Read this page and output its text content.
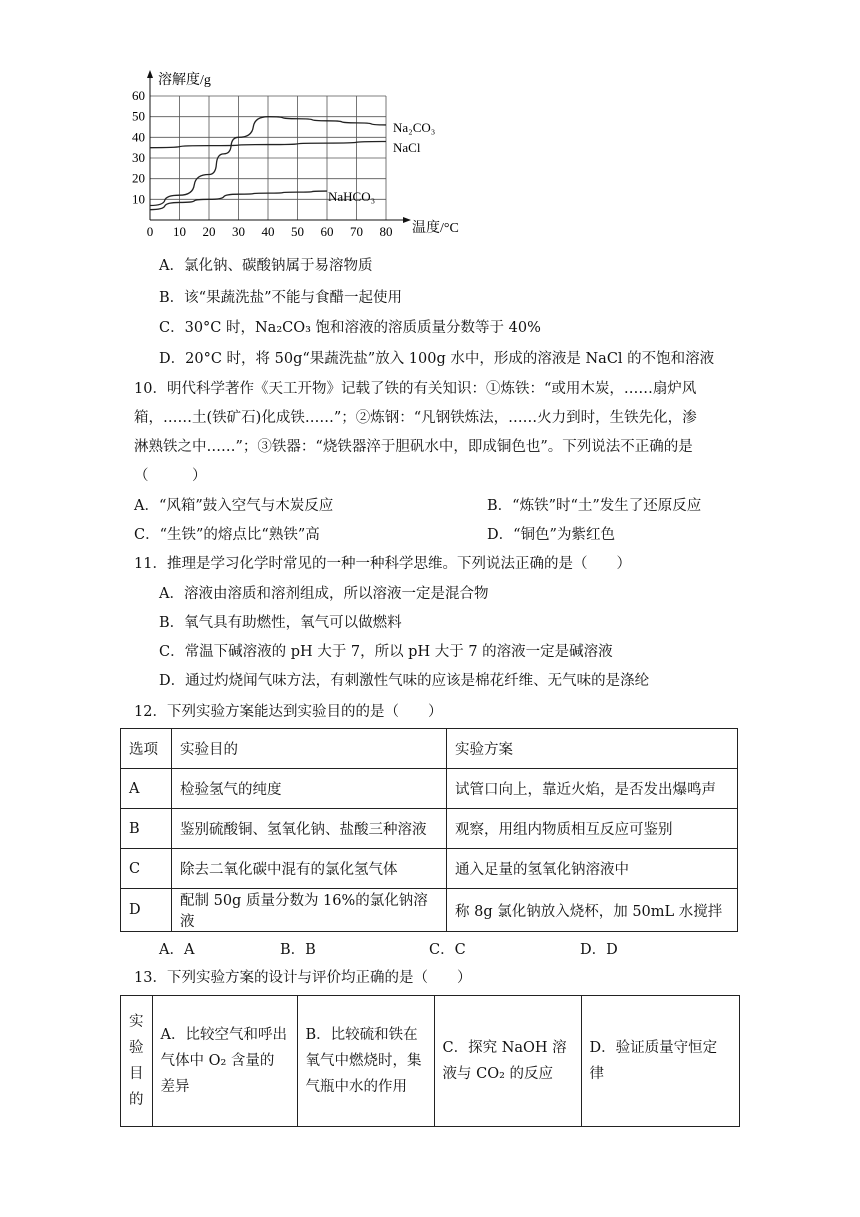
0 10 20 30 40 50 60 70 80
10
20
30
40
50
60
溶解度/g
温度/°C
Na₂CO₃
NaCl
NaHCO₃
A．氯化钠、碳酸钠属于易溶物质
B．该“果蔬洗盐”不能与食醋一起使用
C．30°C 时，Na₂CO₃ 饱和溶液的溶质质量分数等于 40%
D．20°C 时，将 50g“果蔬洗盐”放入 100g 水中，形成的溶液是 NaCl 的不饱和溶液
10．明代科学著作《天工开物》记载了铁的有关知识：①炼铁：“或用木炭，……扇炉风
箱，……土(铁矿石)化成铁……”；②炼钢：“凡钢铁炼法，……火力到时，生铁先化，渗
淋熟铁之中……”；③铁器：“烧铁器淬于胆矾水中，即成铜色也”。下列说法不正确的是
（　　　）
A．“风箱”鼓入空气与木炭反应	B．“炼铁”时“土”发生了还原反应
C．“生铁”的熔点比“熟铁”高	D．“铜色”为紫红色
11．推理是学习化学时常见的一种一种科学思维。下列说法正确的是（　　）
A．溶液由溶质和溶剂组成，所以溶液一定是混合物
B．氧气具有助燃性，氧气可以做燃料
C．常温下碱溶液的 pH 大于 7，所以 pH 大于 7 的溶液一定是碱溶液
D．通过灼烧闻气味方法，有刺激性气味的应该是棉花纤维、无气味的是涤纶
12．下列实验方案能达到实验目的的是（　　）
选项	实验目的	实验方案
A	检验氢气的纯度	试管口向上，靠近火焰，是否发出爆鸣声
B	鉴别硫酸铜、氢氧化钠、盐酸三种溶液	观察，用组内物质相互反应可鉴别
C	除去二氧化碳中混有的氯化氢气体	通入足量的氢氧化钠溶液中
D	配制 50g 质量分数为 16%的氯化钠溶液	称 8g 氯化钠放入烧杯，加 50mL 水搅拌
A．A	B．B	C．C	D．D
13．下列实验方案的设计与评价均正确的是（　　）
实
验
目
的
	A．比较空气和呼出气体中 O₂ 含量的差异	B．比较硫和铁在氧气中燃烧时，集气瓶中水的作用	C．探究 NaOH 溶液与 CO₂ 的反应	D．验证质量守恒定律
